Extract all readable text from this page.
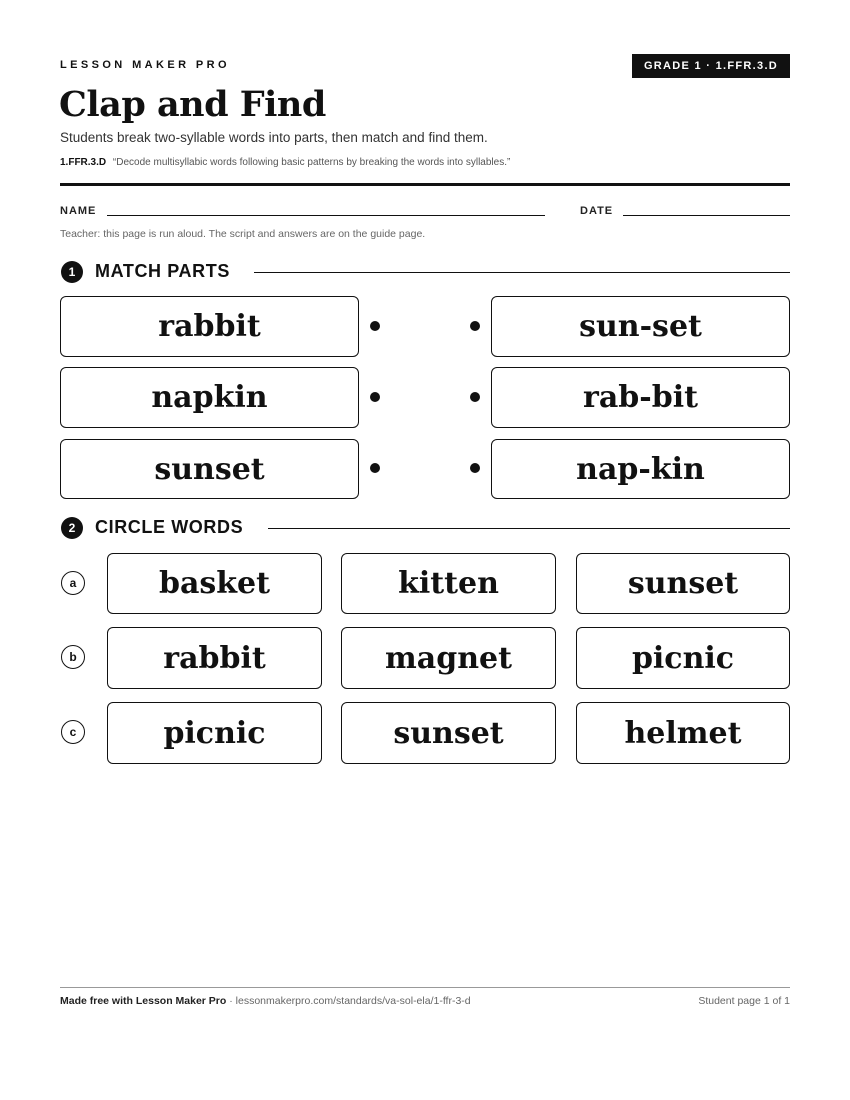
LESSON MAKER PRO	GRADE 1 · 1.FFR.3.D
Clap and Find
Students break two-syllable words into parts, then match and find them.
1.FFR.3.D “Decode multisyllabic words following basic patterns by breaking the words into syllables.”
NAME	DATE
Teacher: this page is run aloud. The script and answers are on the guide page.
1	MATCH PARTS
rabbit	sun-set
napkin	rab-bit
sunset	nap-kin
2	CIRCLE WORDS
a	basket	kitten	sunset
b	rabbit	magnet	picnic
c	picnic	sunset	helmet
Made free with Lesson Maker Pro · lessonmakerpro.com/standards/va-sol-ela/1-ffr-3-d	Student page 1 of 1
